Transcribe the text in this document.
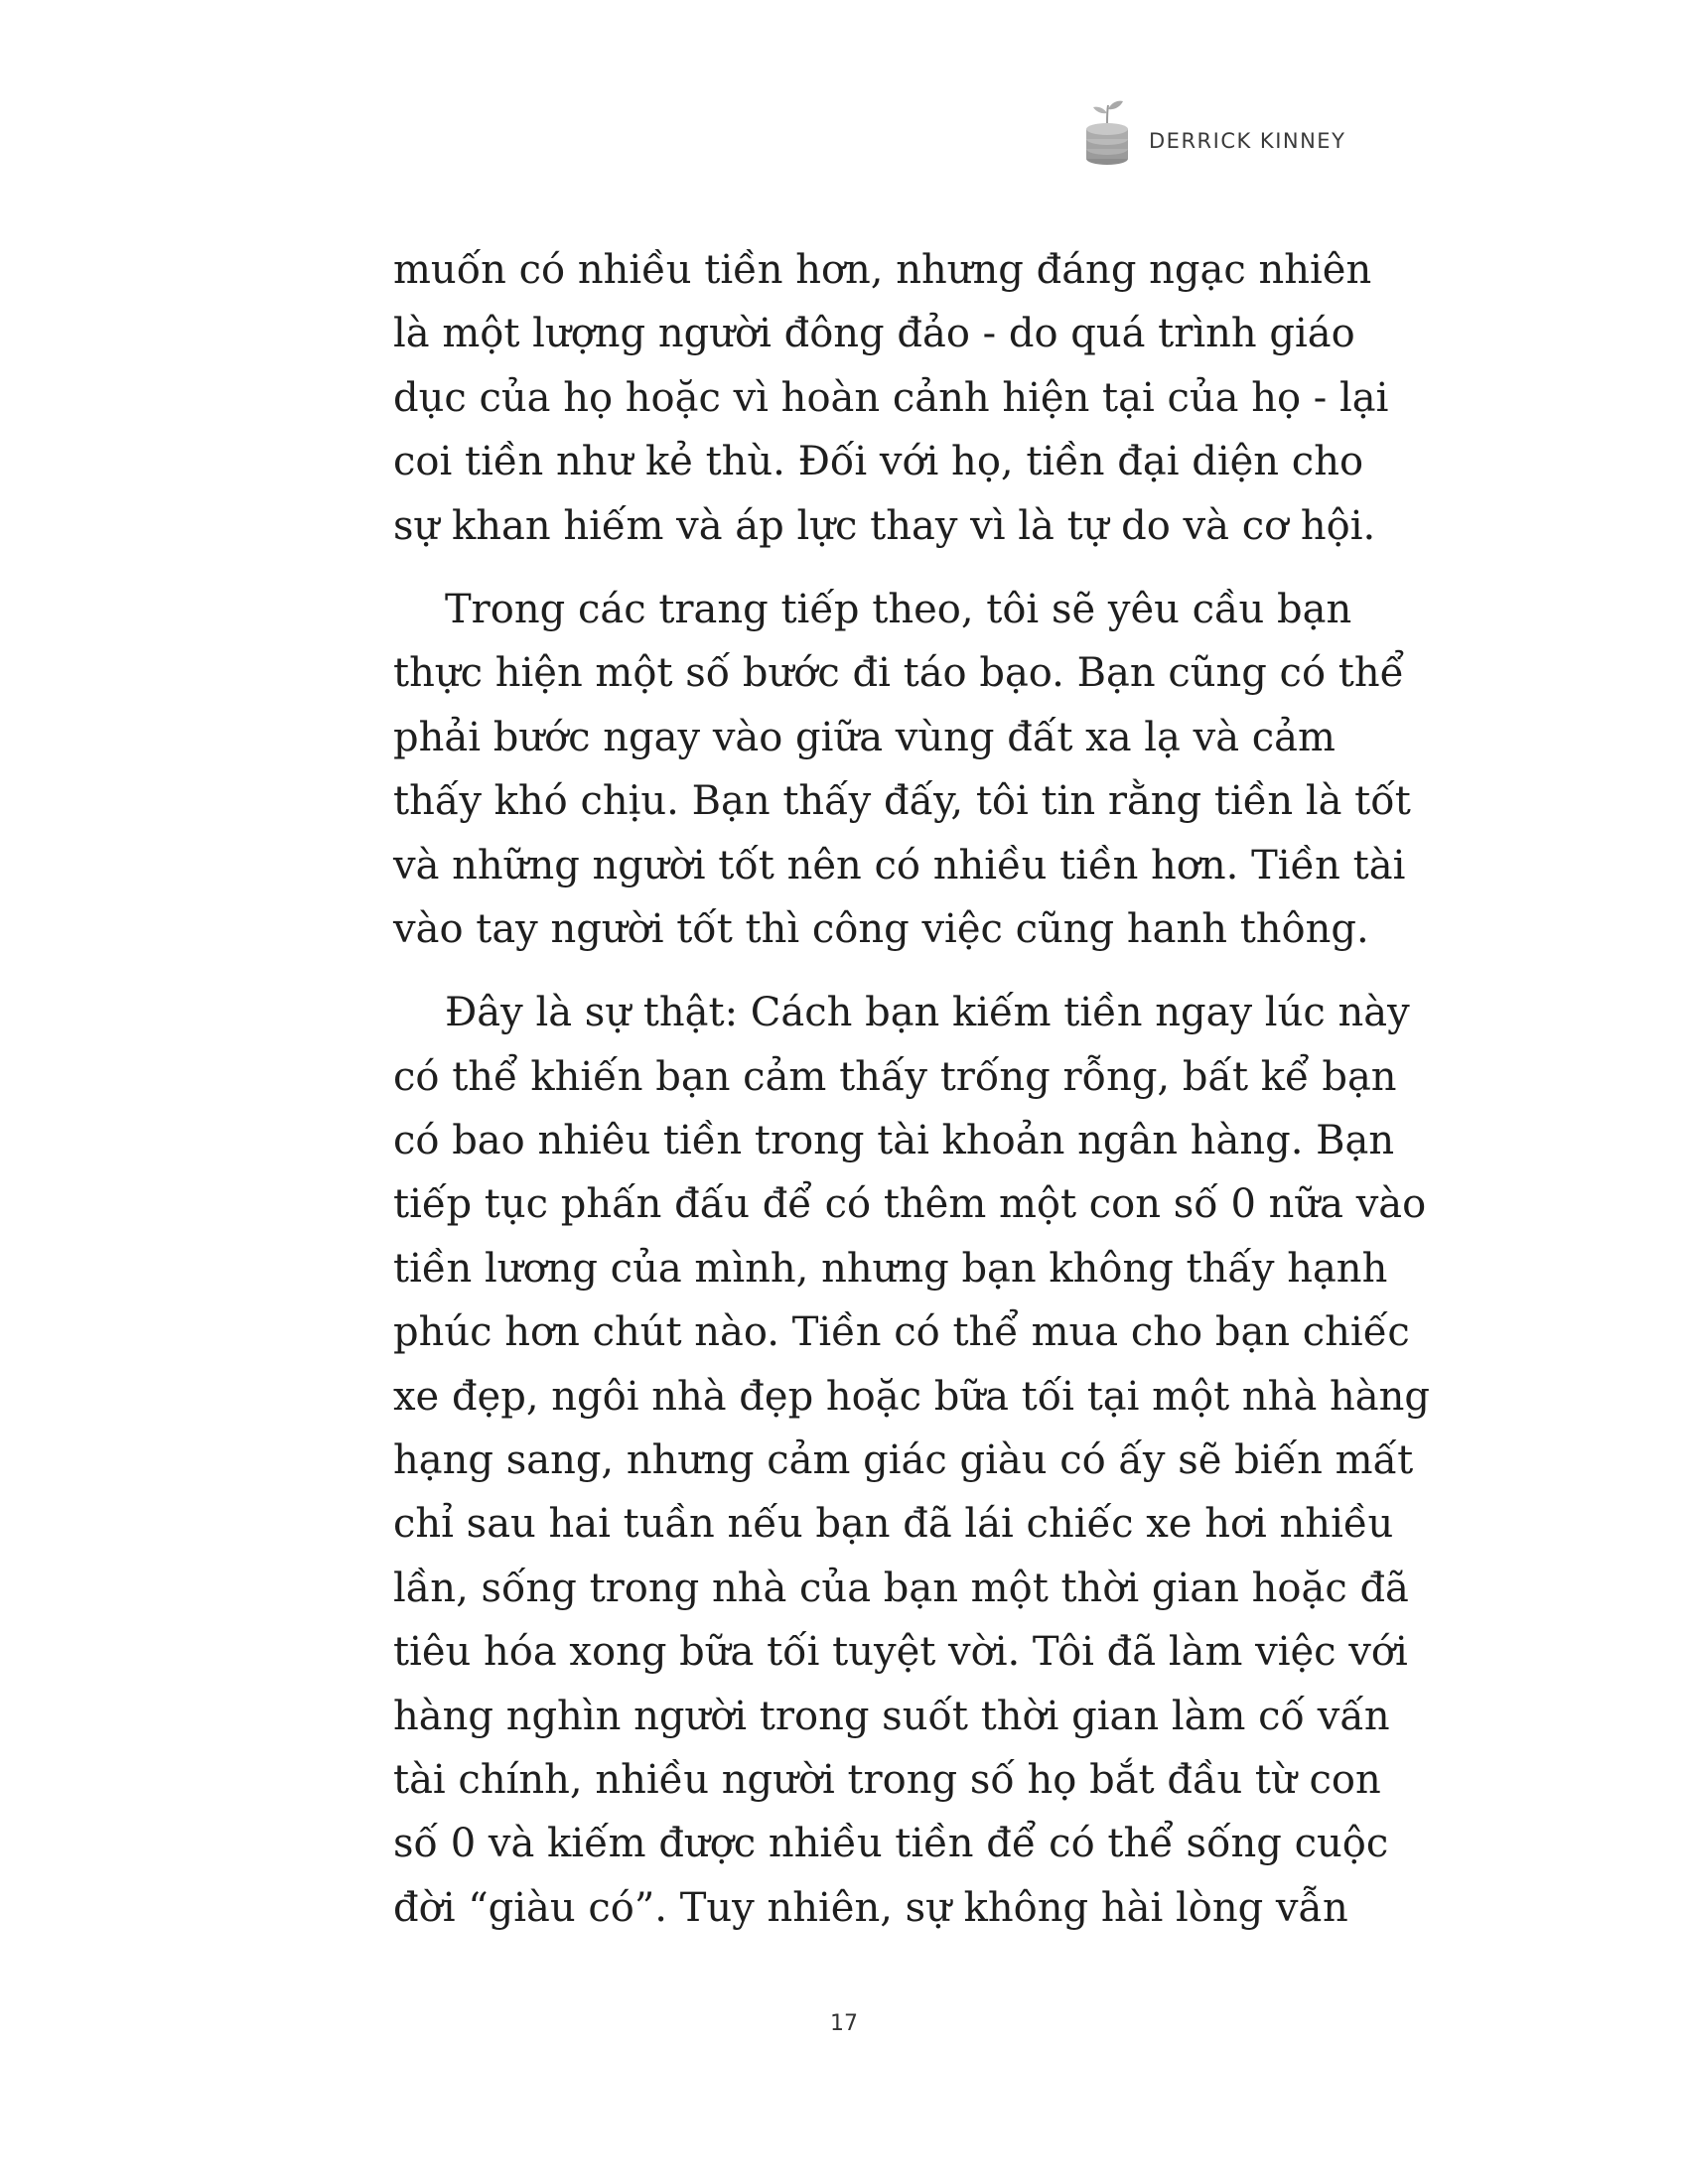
DERRICK KINNEY
muốn có nhiều tiền hơn, nhưng đáng ngạc nhiên
là một lượng người đông đảo - do quá trình giáo
dục của họ hoặc vì hoàn cảnh hiện tại của họ - lại
coi tiền như kẻ thù. Đối với họ, tiền đại diện cho
sự khan hiếm và áp lực thay vì là tự do và cơ hội.
Trong các trang tiếp theo, tôi sẽ yêu cầu bạn
thực hiện một số bước đi táo bạo. Bạn cũng có thể
phải bước ngay vào giữa vùng đất xa lạ và cảm
thấy khó chịu. Bạn thấy đấy, tôi tin rằng tiền là tốt
và những người tốt nên có nhiều tiền hơn. Tiền tài
vào tay người tốt thì công việc cũng hanh thông.
Đây là sự thật: Cách bạn kiếm tiền ngay lúc này
có thể khiến bạn cảm thấy trống rỗng, bất kể bạn
có bao nhiêu tiền trong tài khoản ngân hàng. Bạn
tiếp tục phấn đấu để có thêm một con số 0 nữa vào
tiền lương của mình, nhưng bạn không thấy hạnh
phúc hơn chút nào. Tiền có thể mua cho bạn chiếc
xe đẹp, ngôi nhà đẹp hoặc bữa tối tại một nhà hàng
hạng sang, nhưng cảm giác giàu có ấy sẽ biến mất
chỉ sau hai tuần nếu bạn đã lái chiếc xe hơi nhiều
lần, sống trong nhà của bạn một thời gian hoặc đã
tiêu hóa xong bữa tối tuyệt vời. Tôi đã làm việc với
hàng nghìn người trong suốt thời gian làm cố vấn
tài chính, nhiều người trong số họ bắt đầu từ con
số 0 và kiếm được nhiều tiền để có thể sống cuộc
đời “giàu có”. Tuy nhiên, sự không hài lòng vẫn
17
